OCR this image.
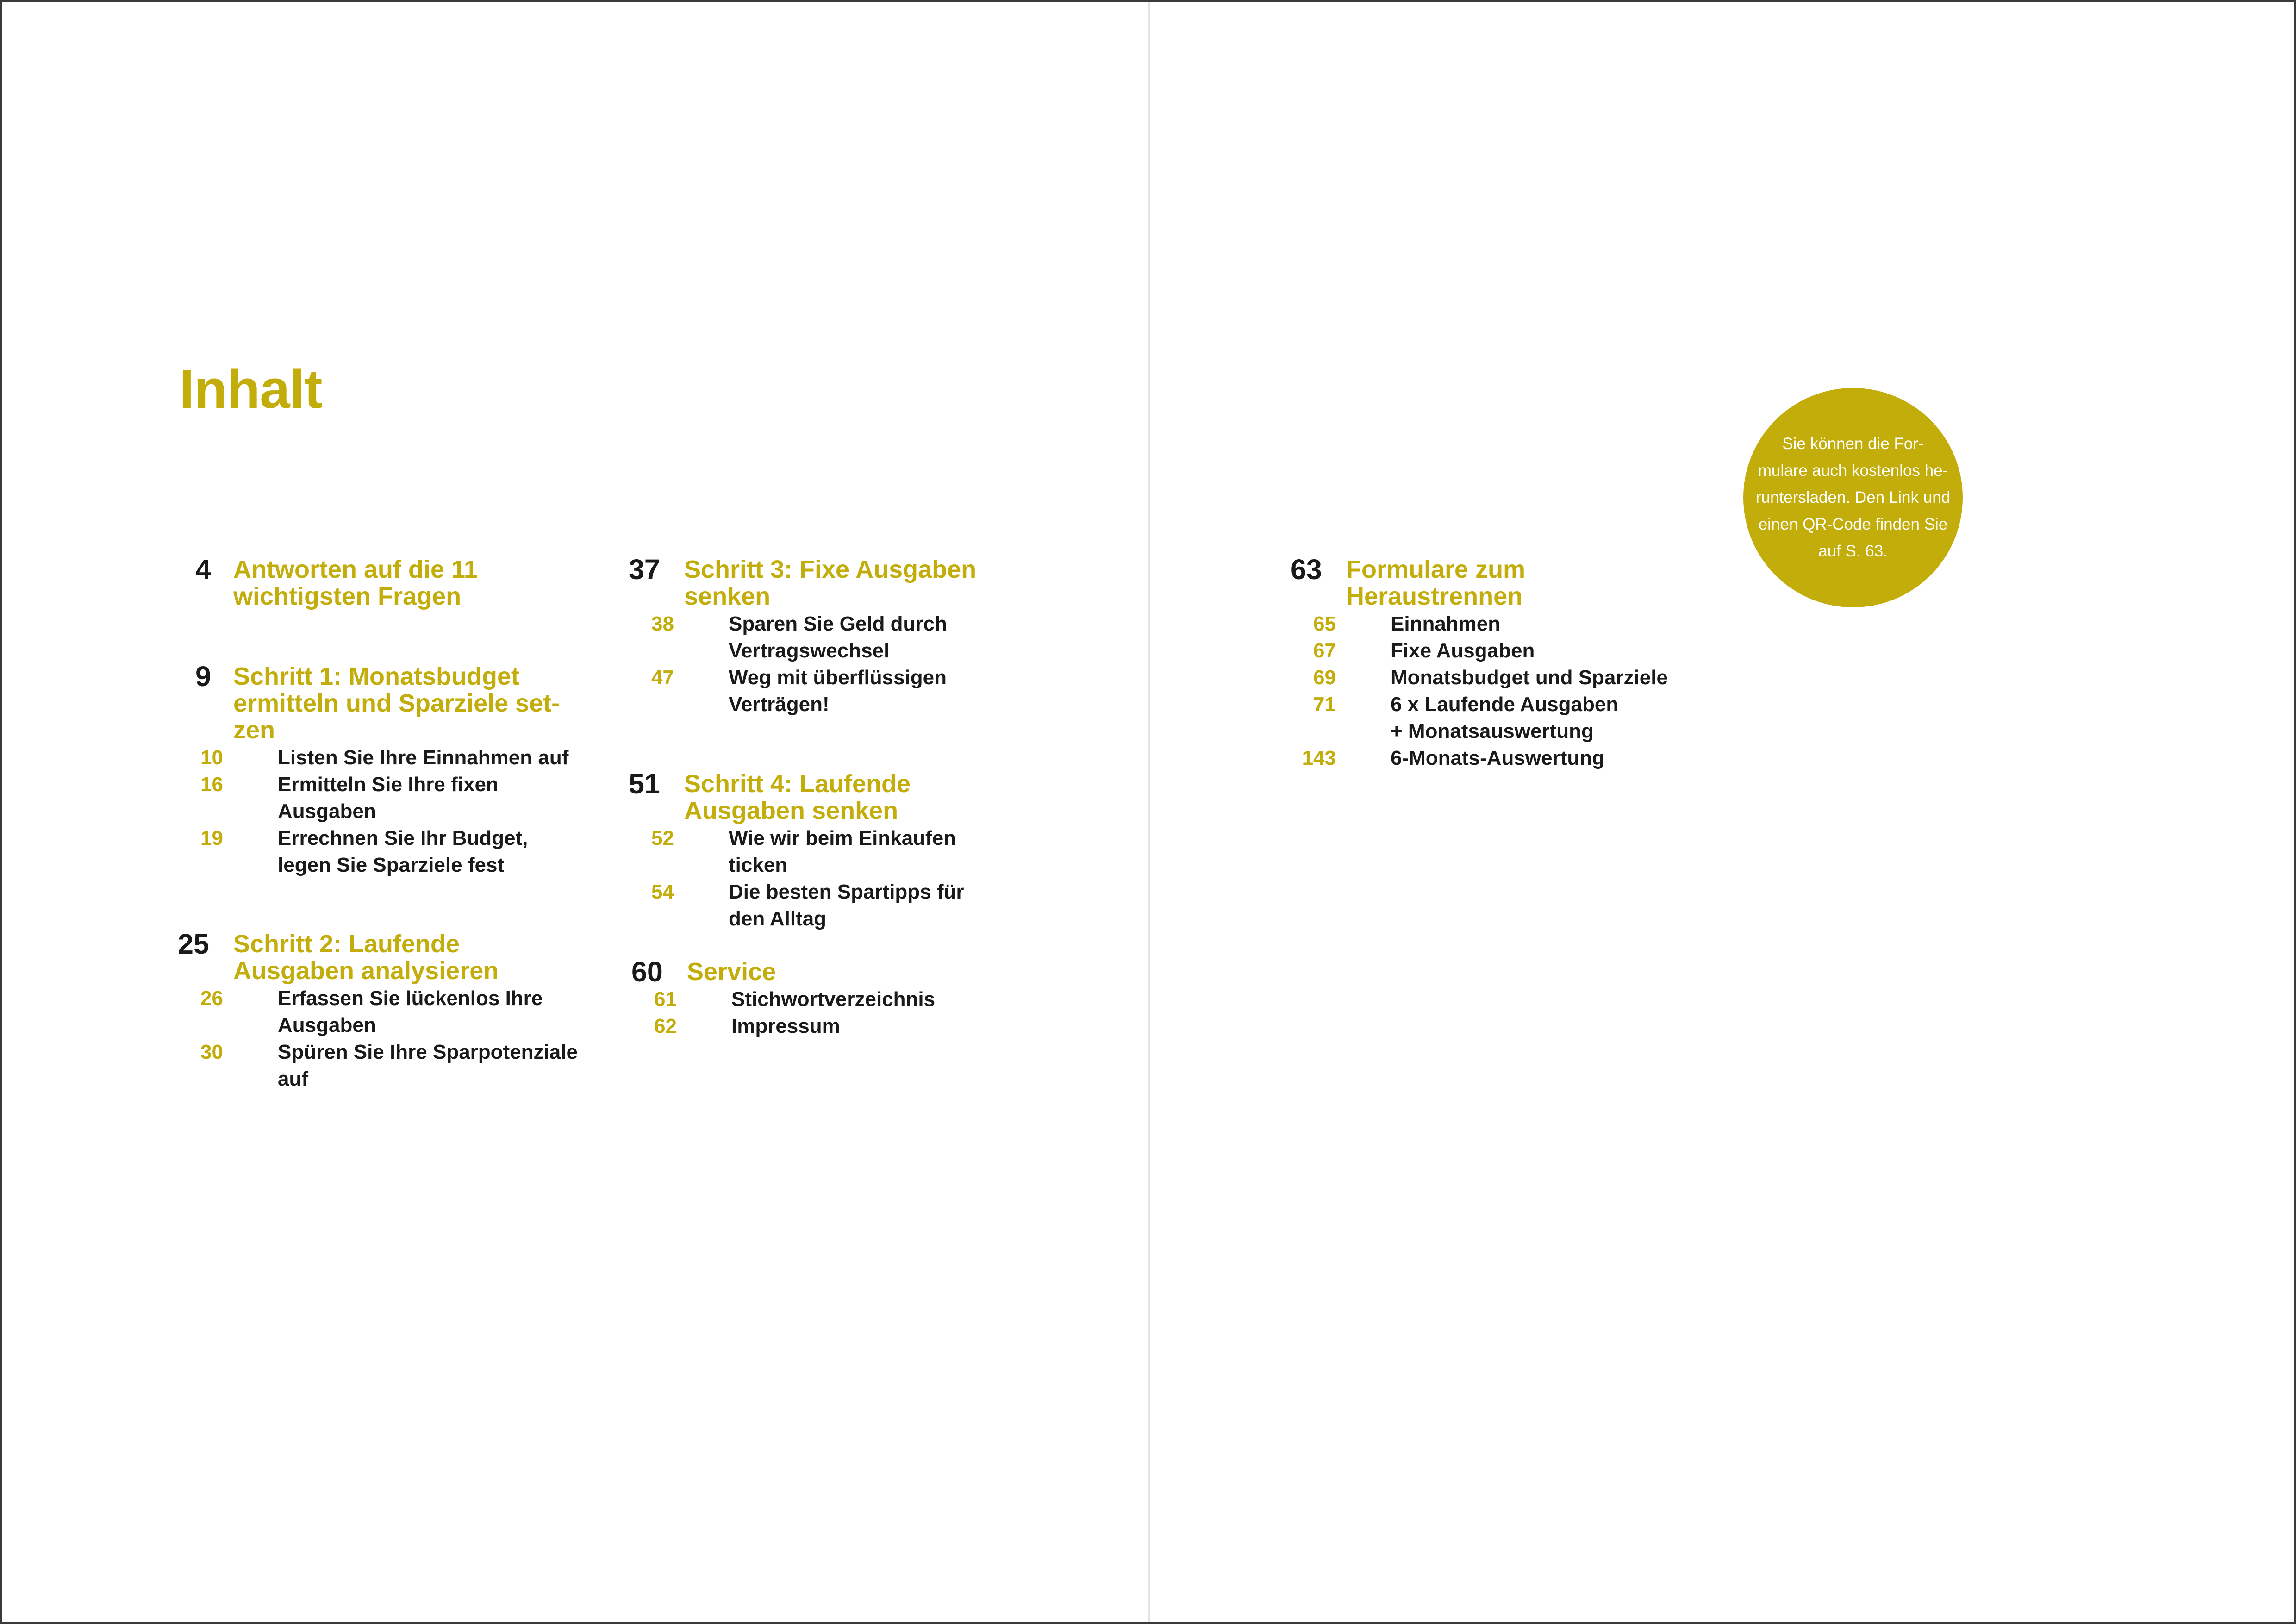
Inhalt
4 Antworten auf die 11
wichtigsten Fragen
9 Schritt 1: Monatsbudget
ermitteln und Sparziele set-
zen
10	Listen Sie Ihre Einnahmen auf
16	Ermitteln Sie Ihre fixen
Ausgaben
19	Errechnen Sie Ihr Budget,
legen Sie Sparziele fest
25 Schritt 2: Laufende
Ausgaben analysieren
26	Erfassen Sie lückenlos Ihre
Ausgaben
30	Spüren Sie Ihre Sparpotenziale
auf
37 Schritt 3: Fixe Ausgaben
senken
38	Sparen Sie Geld durch
Vertragswechsel
47	Weg mit überflüssigen
Verträgen!
51 Schritt 4: Laufende
Ausgaben senken
52	Wie wir beim Einkaufen
ticken
54	Die besten Spartipps für
den Alltag
60 Service
61	Stichwortverzeichnis
62	Impressum
63 Formulare zum
Heraustrennen
65	Einnahmen
67	Fixe Ausgaben
69	Monatsbudget und Sparziele
71	6 x Laufende Ausgaben
+ Monatsauswertung
143	6-Monats-Auswertung
Sie können die For-
mulare auch kostenlos he-
runtersladen. Den Link und
einen QR-Code finden Sie
auf S. 63.
